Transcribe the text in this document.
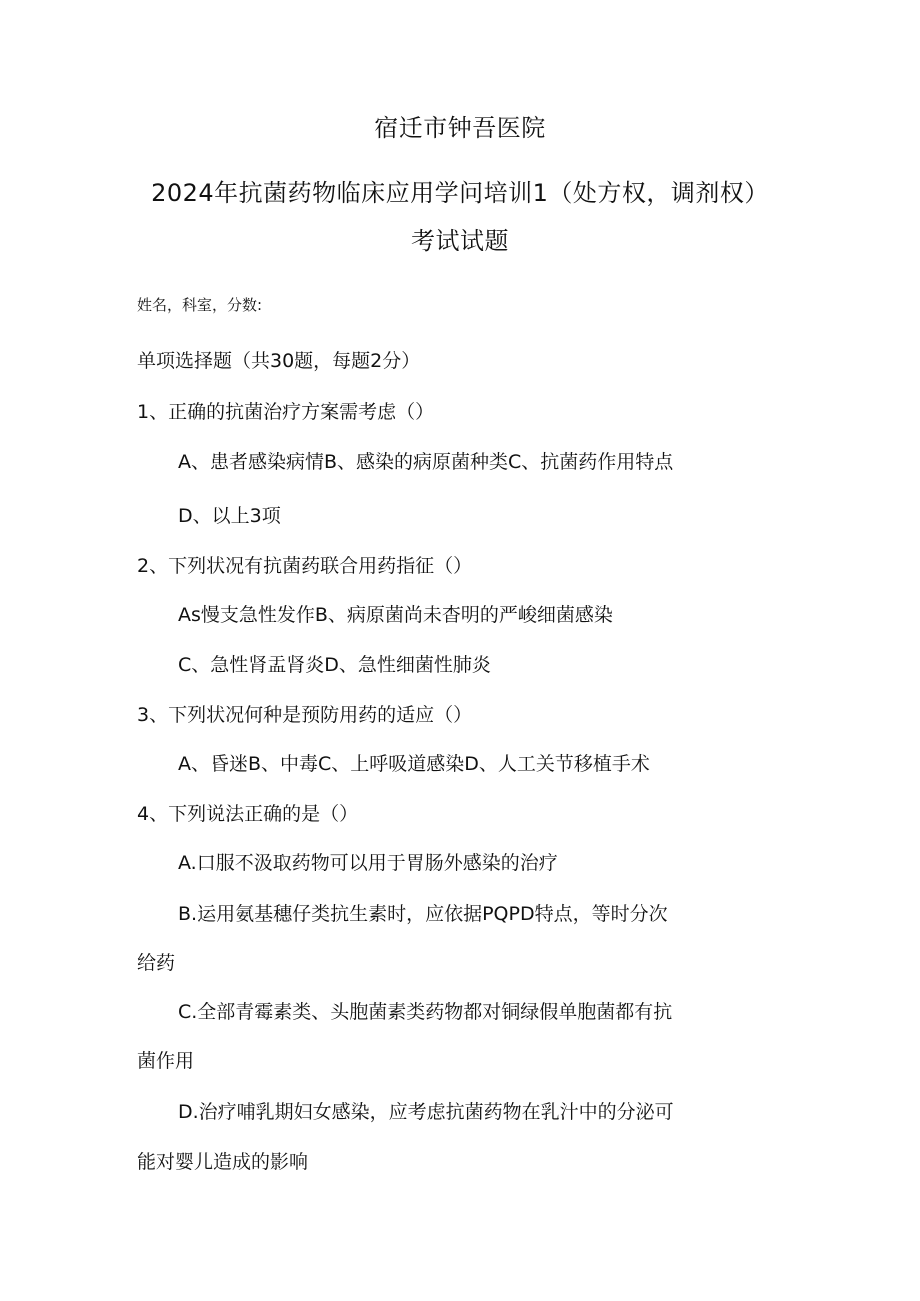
宿迁市钟吾医院
2024年抗菌药物临床应用学问培训1（处方权，调剂权）
考试试题
姓名，科室，分数:
单项选择题（共30题，每题2分）
1、正确的抗菌治疗方案需考虑（）
A、患者感染病情B、感染的病原菌种类C、抗菌药作用特点
D、以上3项
2、下列状况有抗菌药联合用药指征（）
As慢支急性发作B、病原菌尚未杳明的严峻细菌感染
C、急性肾盂肾炎D、急性细菌性肺炎
3、下列状况何种是预防用药的适应（）
A、昏迷B、中毒C、上呼吸道感染D、人工关节移植手术
4、下列说法正确的是（）
A.口服不汲取药物可以用于胃肠外感染的治疗
B.运用氨基穗仔类抗生素时，应依据PQPD特点，等时分次
给药
C.全部青霉素类、头胞菌素类药物都对铜绿假单胞菌都有抗
菌作用
D.治疗哺乳期妇女感染，应考虑抗菌药物在乳汁中的分泌可
能对婴儿造成的影响
